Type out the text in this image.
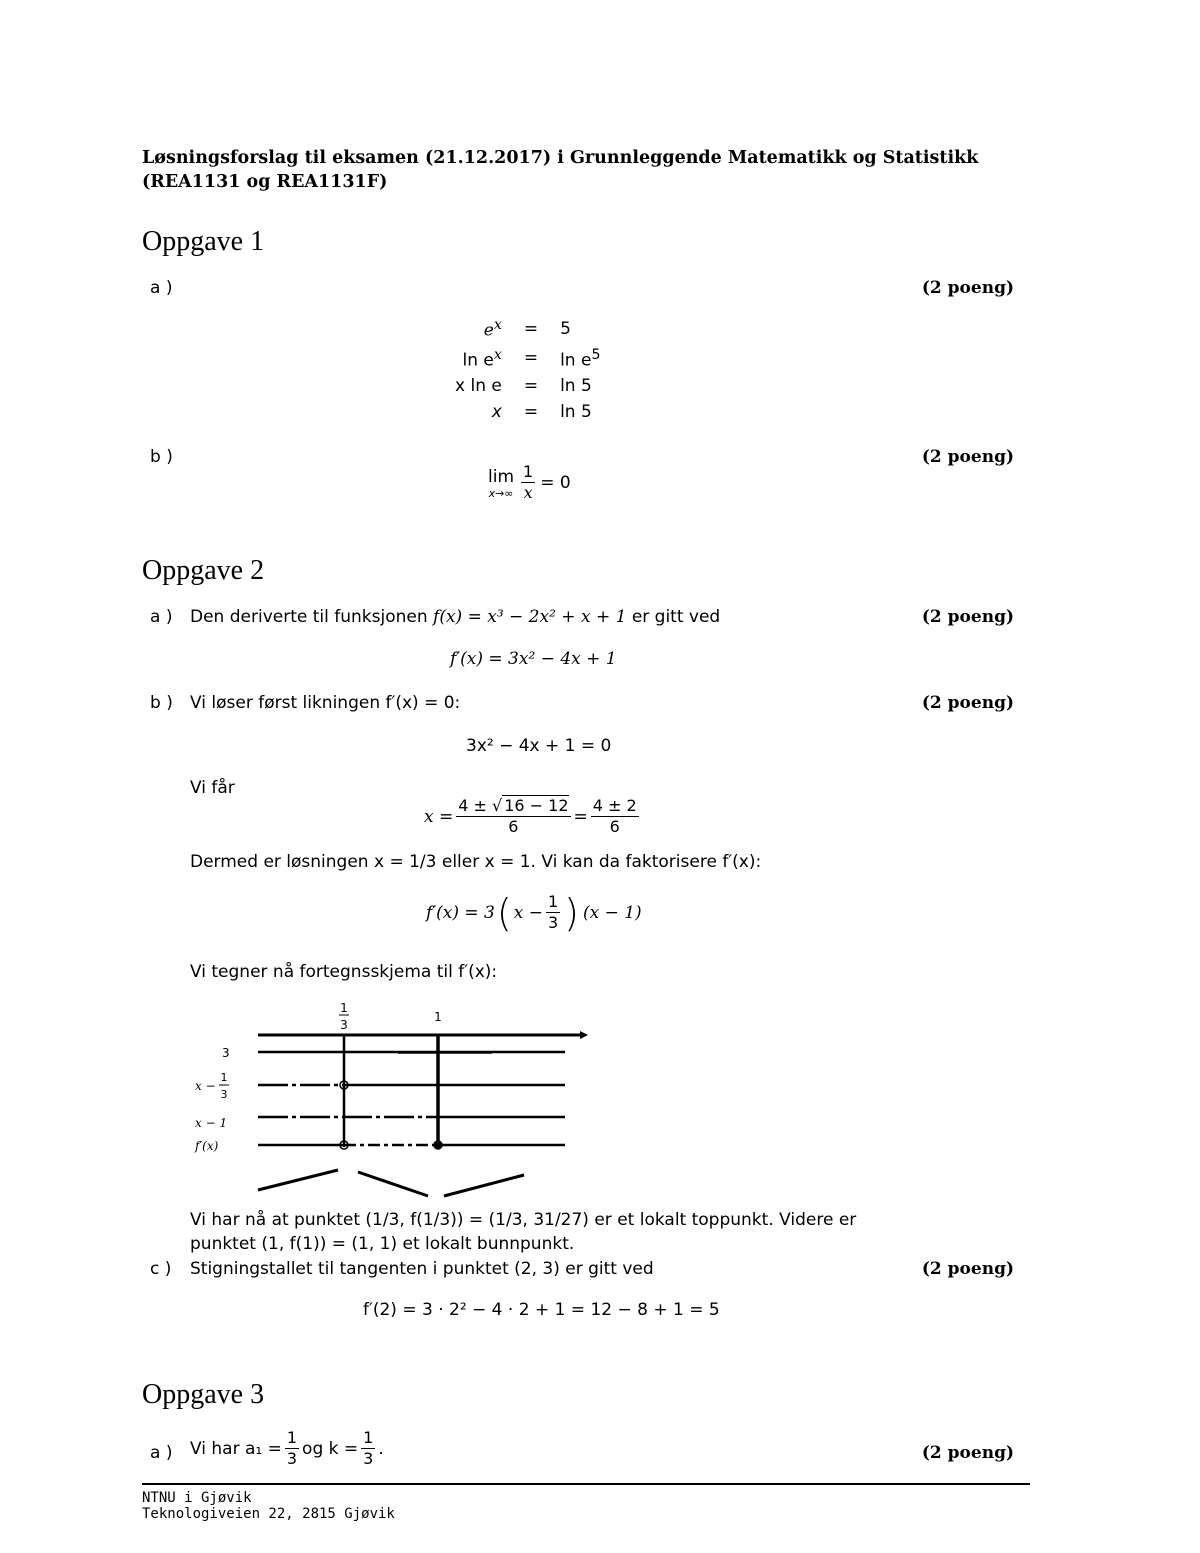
Løsningsforslag til eksamen (21.12.2017) i Grunnleggende Matematikk og Statistikk
(REA1131 og REA1131F)
Oppgave 1
a )	(2 poeng)
$e^x$	=	5
$\ln e^x$	=	$\ln e^5$
x ln e	=	ln 5
x	=	ln 5
b )	(2 poeng)
lim
$x\to\infty \frac{1}{x} = 0$
Oppgave 2
a ) Den deriverte til funksjonen f(x) = x³ − 2x² + x + 1 er gitt ved	(2 poeng)
f′(x) = 3x² − 4x + 1
b ) Vi løser først likningen f′(x) = 0:	(2 poeng)
3x² − 4x + 1 = 0
Vi får
$x = \frac{4 \pm √ 16 - 12}{6} = \frac{4 \pm 2}{6}$
Dermed er løsningen x = 1/3 eller x = 1. Vi kan da faktorisere f′(x):
f′(x) = 3 ( $x - \frac{1}{3}$ ) (x − 1)
Vi tegner nå fortegnsskjema til f′(x):
1
3
1
3
x −
1
3
x − 1
f′(x)
Vi har nå at punktet (1/3, f(1/3)) = (1/3, 31/27) er et lokalt toppunkt. Videre er
punktet (1, f(1)) = (1, 1) et lokalt bunnpunkt.
c ) Stigningstallet til tangenten i punktet (2, 3) er gitt ved	(2 poeng)
f′(2) = 3 · 2² − 4 · 2 + 1 = 12 − 8 + 1 = 5
Oppgave 3
a ) Vi har $a_1 = \frac{1}{3}$ og $k = \frac{1}{3}$ .	(2 poeng)
NTNU i Gjøvik
Teknologiveien 22, 2815 Gjøvik
